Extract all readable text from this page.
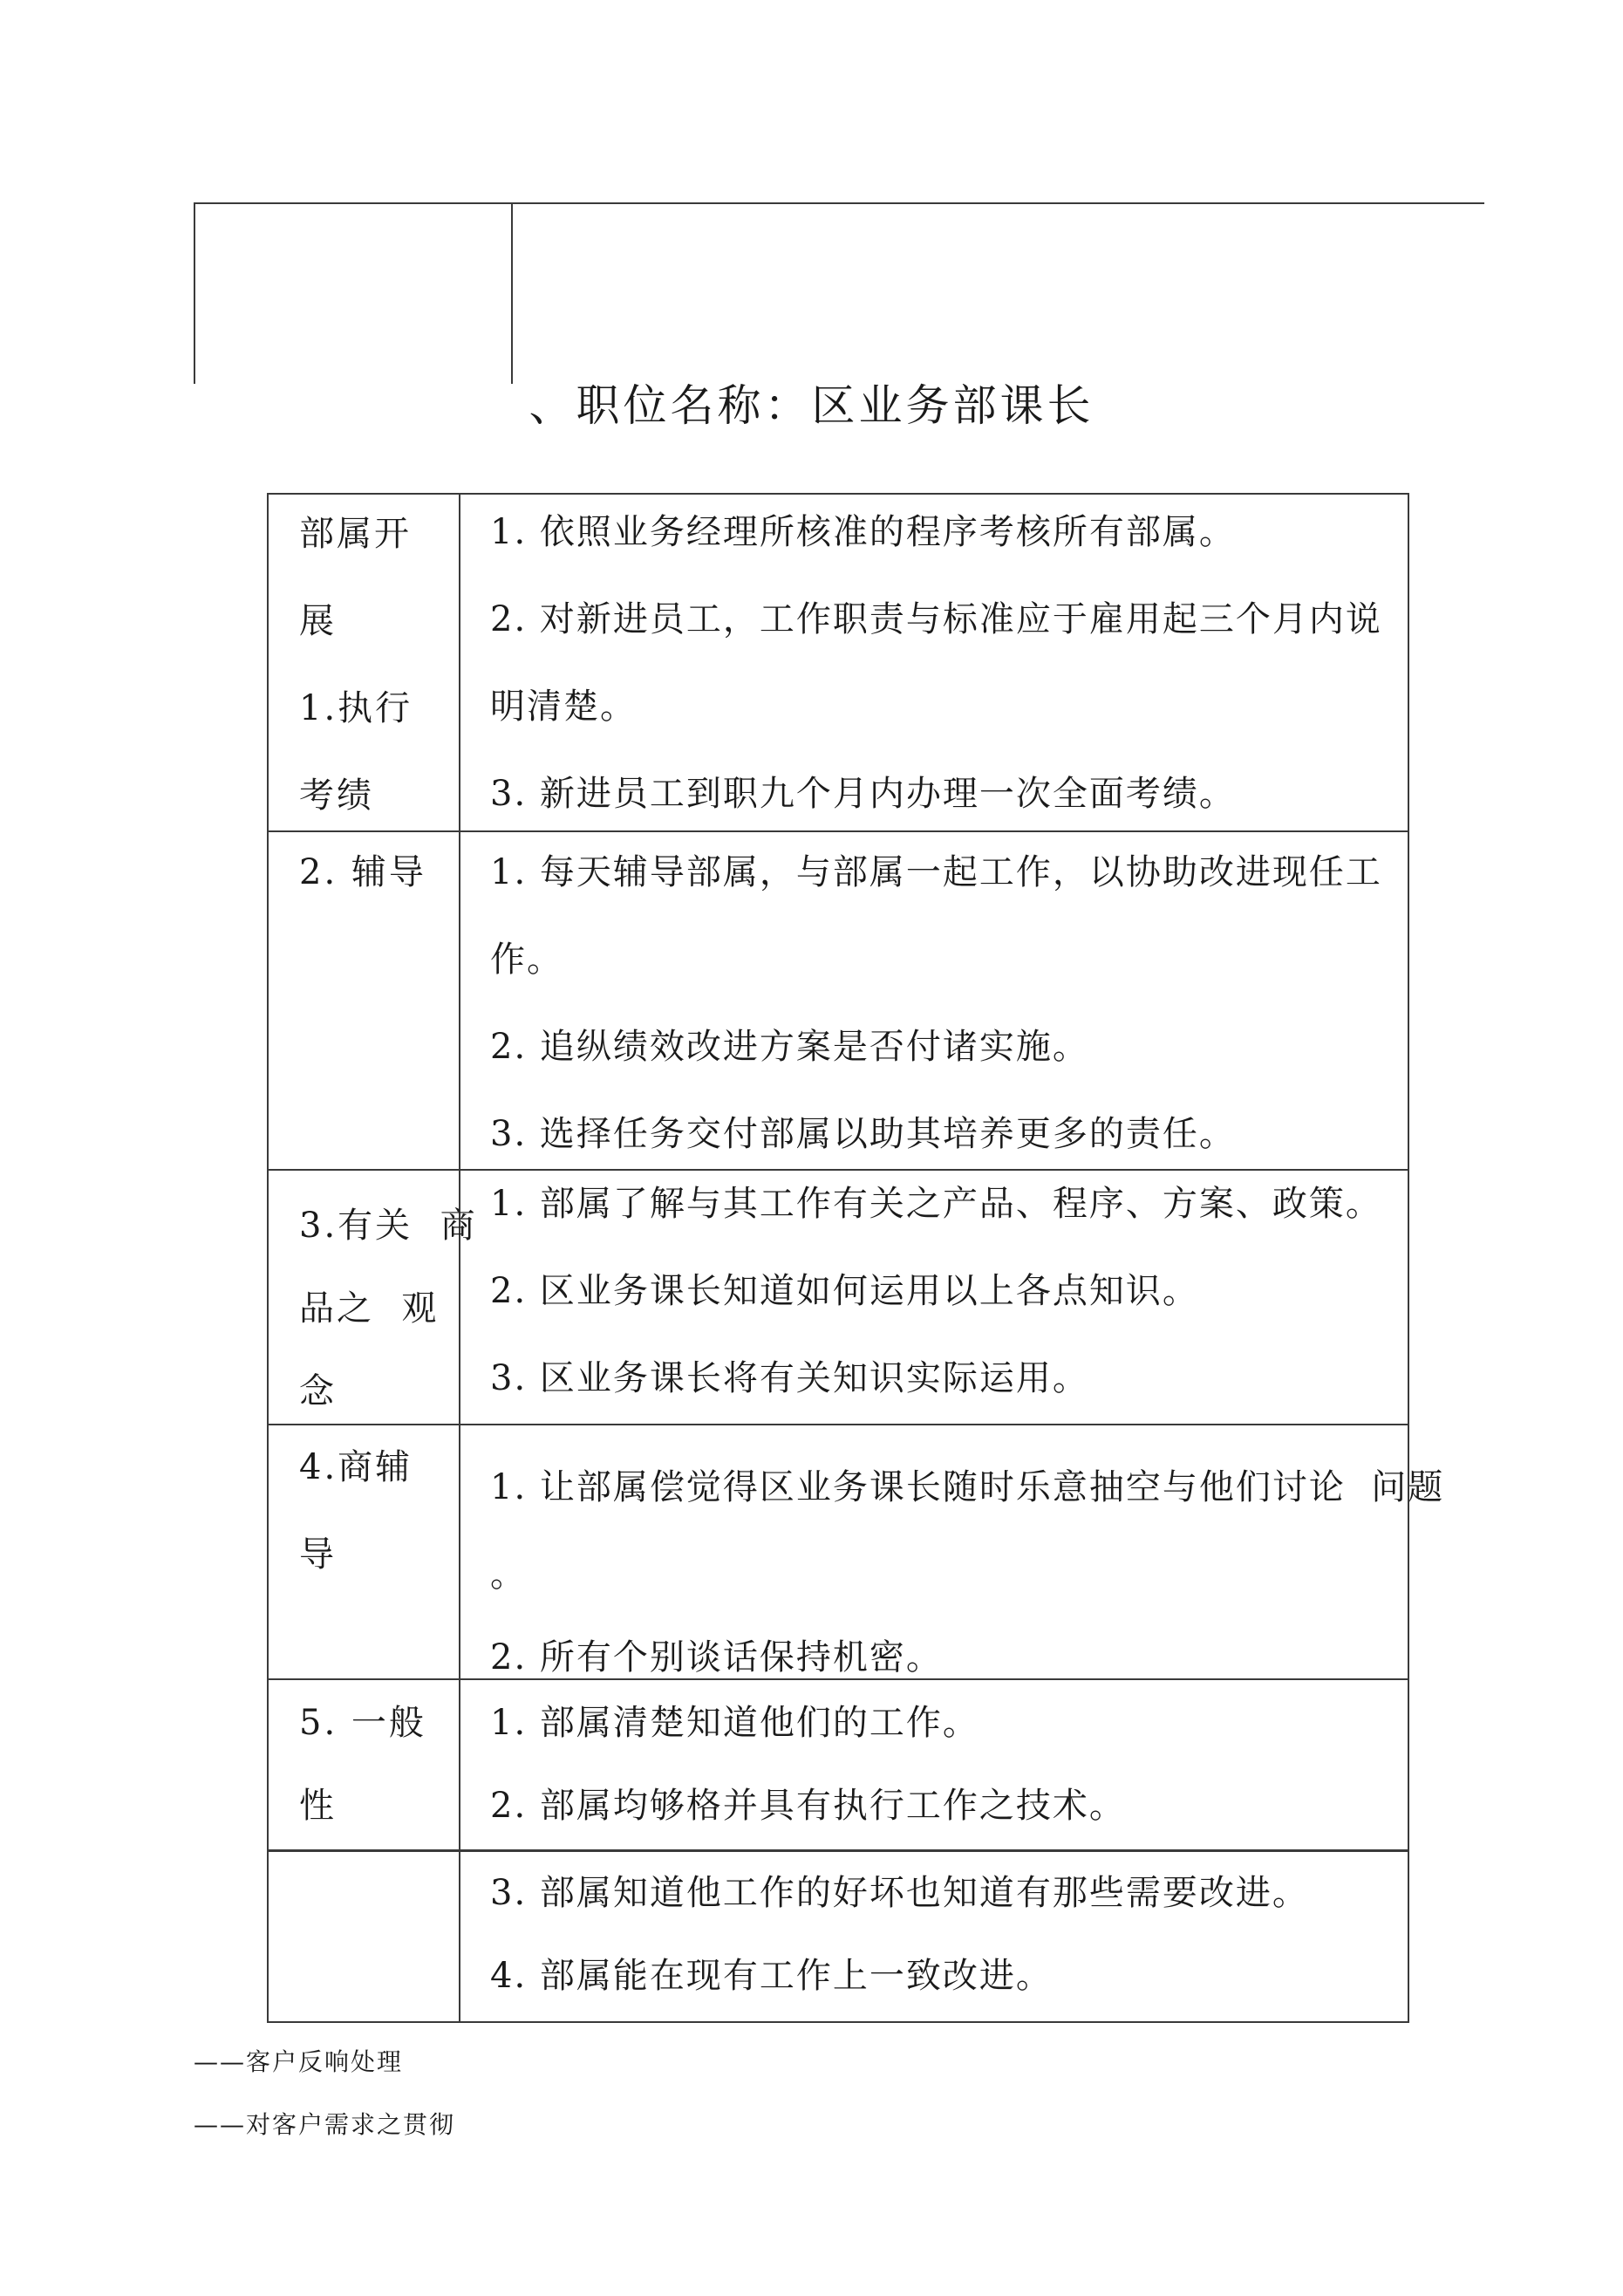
、职位名称：区业务部课长
部属开
展
1.执行
考绩
1. 依照业务经理所核准的程序考核所有部属。
2. 对新进员工，工作职责与标准应于雇用起三个月内说
明清楚。
3. 新进员工到职九个月内办理一次全面考绩。
2. 辅导 1. 每天辅导部属，与部属一起工作，以协助改进现任工
作。
2. 追纵绩效改进方案是否付诸实施。
3. 选择任务交付部属以助其培养更多的责任。
3.有关  商
品之  观
念
1. 部属了解与其工作有关之产品、程序、方案、政策。
2. 区业务课长知道如何运用以上各点知识。
3. 区业务课长将有关知识实际运用。
4.商辅
导
1. 让部属偿觉得区业务课长随时乐意抽空与他们讨论  问题
。
2. 所有个别谈话保持机密。
5. 一般
性
1. 部属清楚知道他们的工作。
2. 部属均够格并具有执行工作之技术。
3. 部属知道他工作的好坏也知道有那些需要改进。
4. 部属能在现有工作上一致改进。
——客户反响处理
——对客户需求之贯彻
